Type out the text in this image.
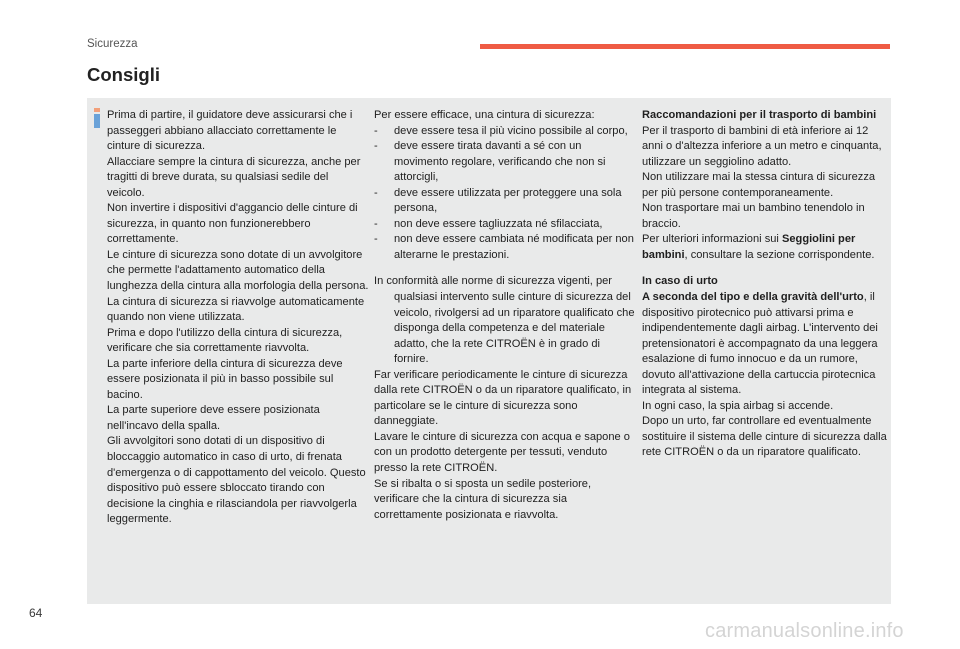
Sicurezza
Consigli

Prima di partire, il guidatore deve assicurarsi che i passeggeri abbiano allacciato correttamente le cinture di sicurezza.

Allacciare sempre la cintura di sicurezza, anche per tragitti di breve durata, su qualsiasi sedile del veicolo.

Non invertire i dispositivi d'aggancio delle cinture di sicurezza, in quanto non funzionerebbero correttamente.

Le cinture di sicurezza sono dotate di un avvolgitore che permette l'adattamento automatico della lunghezza della cintura alla morfologia della persona. La cintura di sicurezza si riavvolge automaticamente quando non viene utilizzata.

Prima e dopo l'utilizzo della cintura di sicurezza, verificare che sia correttamente riavvolta.

La parte inferiore della cintura di sicurezza deve essere posizionata il più in basso possibile sul bacino.

La parte superiore deve essere posizionata nell'incavo della spalla.

Gli avvolgitori sono dotati di un dispositivo di bloccaggio automatico in caso di urto, di frenata d'emergenza o di cappottamento del veicolo. Questo dispositivo può essere sbloccato tirando con decisione la cinghia e rilasciandola per riavvolgerla leggermente.

Per essere efficace, una cintura di sicurezza:

-	deve essere tesa il più vicino possibile al corpo,
-	deve essere tirata davanti a sé con un movimento regolare, verificando che non si attorcigli,
-	deve essere utilizzata per proteggere una sola persona,
-	non deve essere tagliuzzata né sfilacciata,
-	non deve essere cambiata né modificata per non alterarne le prestazioni.

In conformità alle norme di sicurezza vigenti, per qualsiasi intervento sulle cinture di sicurezza del veicolo, rivolgersi ad un riparatore qualificato che disponga della competenza e del materiale adatto, che la rete CITROËN è in grado di fornire.

Far verificare periodicamente le cinture di sicurezza dalla rete CITROËN o da un riparatore qualificato, in particolare se le cinture di sicurezza sono danneggiate.

Lavare le cinture di sicurezza con acqua e sapone o con un prodotto detergente per tessuti, venduto presso la rete CITROËN.

Se si ribalta o si sposta un sedile posteriore, verificare che la cintura di sicurezza sia correttamente posizionata e riavvolta.

Raccomandazioni per il trasporto di bambini

Per il trasporto di bambini di età inferiore ai 12 anni o d'altezza inferiore a un metro e cinquanta, utilizzare un seggiolino adatto.

Non utilizzare mai la stessa cintura di sicurezza per più persone contemporaneamente.

Non trasportare mai un bambino tenendolo in braccio.

Per ulteriori informazioni sui Seggiolini per bambini, consultare la sezione corrispondente.

In caso di urto

A seconda del tipo e della gravità dell'urto, il dispositivo pirotecnico può attivarsi prima e indipendentemente dagli airbag. L'intervento dei pretensionatori è accompagnato da una leggera esalazione di fumo innocuo e da un rumore, dovuto all'attivazione della cartuccia pirotecnica integrata al sistema.

In ogni caso, la spia airbag si accende.

Dopo un urto, far controllare ed eventualmente sostituire il sistema delle cinture di sicurezza dalla rete CITROËN o da un riparatore qualificato.

64
carmanualsonline.info
